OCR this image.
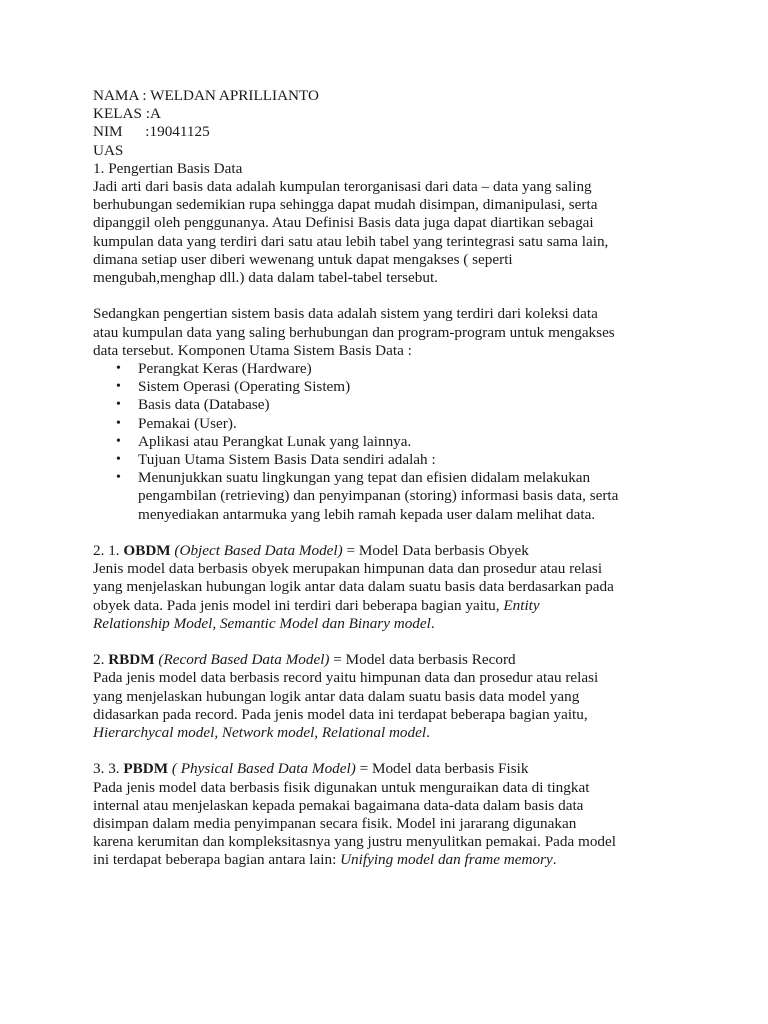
NAMA : WELDAN APRILLIANTO
KELAS :A
NIM      :19041125
UAS
1. Pengertian Basis Data
Jadi arti dari basis data adalah kumpulan terorganisasi dari data – data yang saling
berhubungan sedemikian rupa sehingga dapat mudah disimpan, dimanipulasi, serta
dipanggil oleh penggunanya. Atau Definisi Basis data juga dapat diartikan sebagai
kumpulan data yang terdiri dari satu atau lebih tabel yang terintegrasi satu sama lain,
dimana setiap user diberi wewenang untuk dapat mengakses ( seperti
mengubah,menghap dll.) data dalam tabel-tabel tersebut.
Sedangkan pengertian sistem basis data adalah sistem yang terdiri dari koleksi data
atau kumpulan data yang saling berhubungan dan program-program untuk mengakses
data tersebut. Komponen Utama Sistem Basis Data :
• Perangkat Keras (Hardware)
• Sistem Operasi (Operating Sistem)
• Basis data (Database)
• Pemakai (User).
• Aplikasi atau Perangkat Lunak yang lainnya.
• Tujuan Utama Sistem Basis Data sendiri adalah :
• Menunjukkan suatu lingkungan yang tepat dan efisien didalam melakukan
pengambilan (retrieving) dan penyimpanan (storing) informasi basis data, serta
menyediakan antarmuka yang lebih ramah kepada user dalam melihat data.
2. 1. OBDM (Object Based Data Model) = Model Data berbasis Obyek
Jenis model data berbasis obyek merupakan himpunan data dan prosedur atau relasi
yang menjelaskan hubungan logik antar data dalam suatu basis data berdasarkan pada
obyek data. Pada jenis model ini terdiri dari beberapa bagian yaitu, Entity
Relationship Model, Semantic Model dan Binary model.
2. RBDM (Record Based Data Model) = Model data berbasis Record
Pada jenis model data berbasis record yaitu himpunan data dan prosedur atau relasi
yang menjelaskan hubungan logik antar data dalam suatu basis data model yang
didasarkan pada record. Pada jenis model data ini terdapat beberapa bagian yaitu,
Hierarchycal model, Network model, Relational model.
3. 3. PBDM ( Physical Based Data Model) = Model data berbasis Fisik
Pada jenis model data berbasis fisik digunakan untuk menguraikan data di tingkat
internal atau menjelaskan kepada pemakai bagaimana data-data dalam basis data
disimpan dalam media penyimpanan secara fisik. Model ini jararang digunakan
karena kerumitan dan kompleksitasnya yang justru menyulitkan pemakai. Pada model
ini terdapat beberapa bagian antara lain: Unifying model dan frame memory.
